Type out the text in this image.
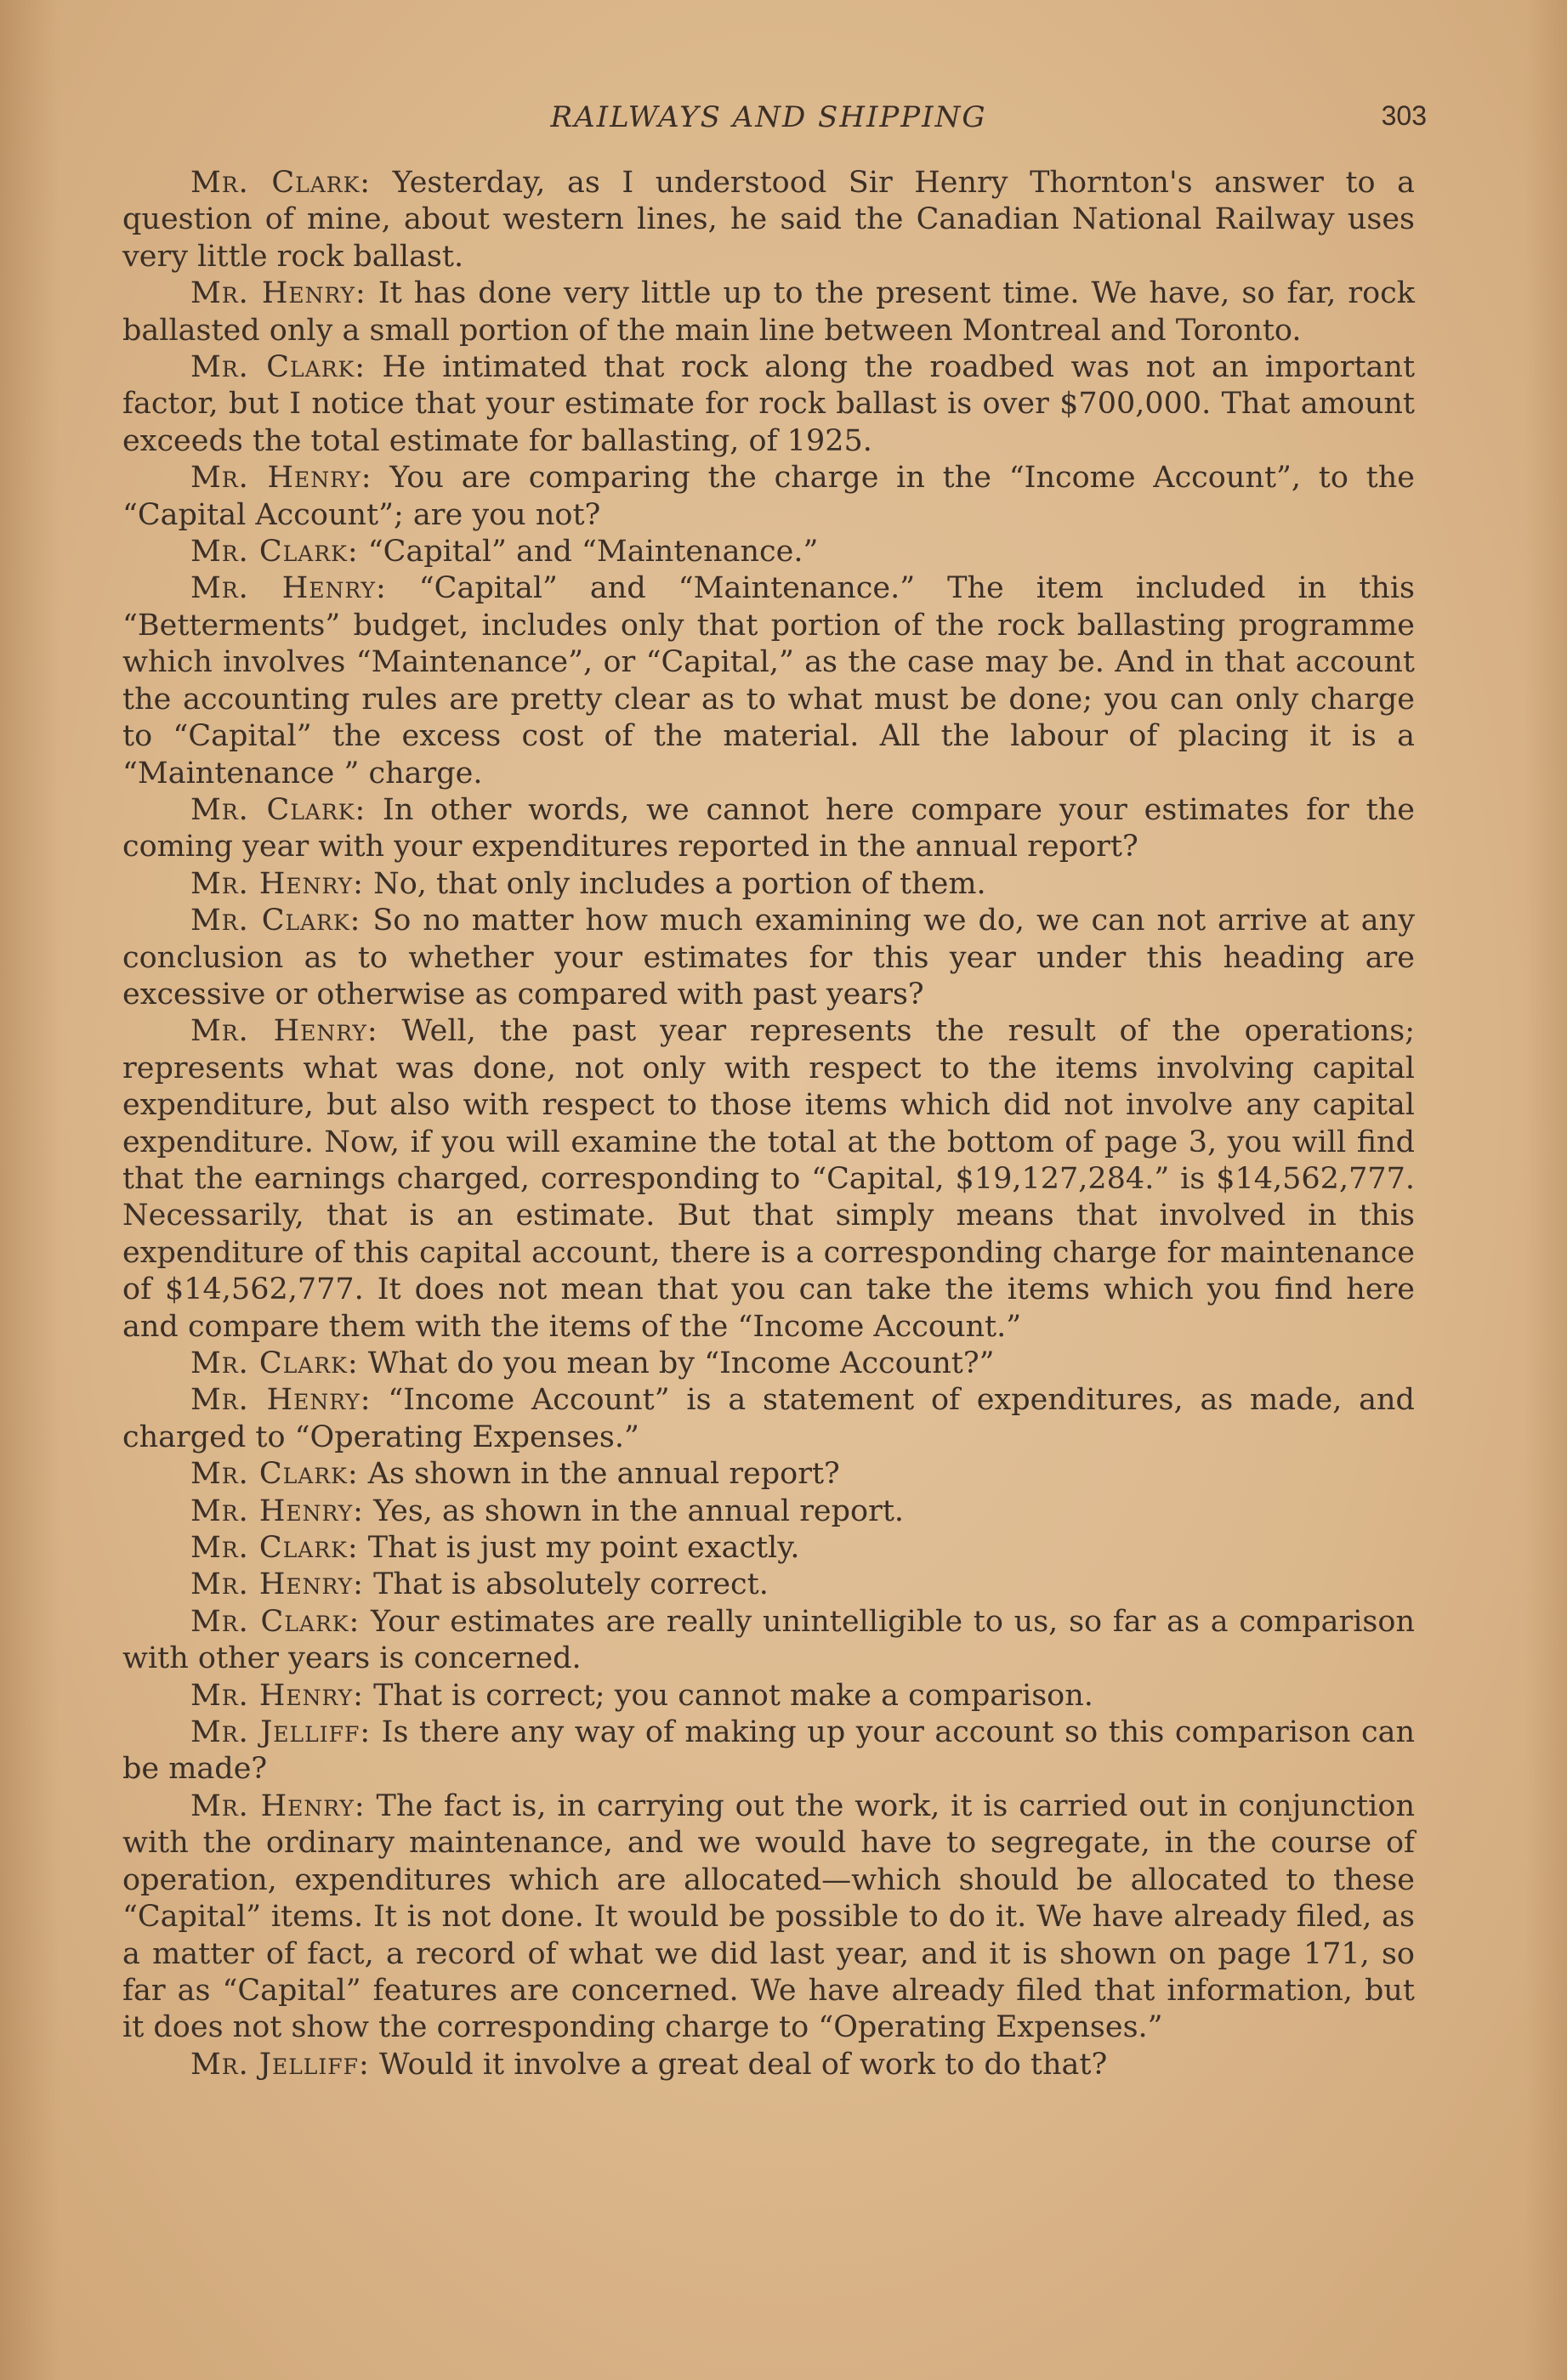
RAILWAYS AND SHIPPING	303

Mr. Clark: Yesterday, as I understood Sir Henry Thornton's answer to a question of mine, about western lines, he said the Canadian National Railway uses very little rock ballast.

Mr. Henry: It has done very little up to the present time. We have, so far, rock ballasted only a small portion of the main line between Montreal and Toronto.

Mr. Clark: He intimated that rock along the roadbed was not an important factor, but I notice that your estimate for rock ballast is over $700,000. That amount exceeds the total estimate for ballasting, of 1925.

Mr. Henry: You are comparing the charge in the “Income Account”, to the “Capital Account”; are you not?

Mr. Clark: “Capital” and “Maintenance.”

Mr. Henry: “Capital” and “Maintenance.” The item included in this “Betterments” budget, includes only that portion of the rock ballasting programme which involves “Maintenance”, or “Capital,” as the case may be. And in that account the accounting rules are pretty clear as to what must be done; you can only charge to “Capital” the excess cost of the material. All the labour of placing it is a “Maintenance ” charge.

Mr. Clark: In other words, we cannot here compare your estimates for the coming year with your expenditures reported in the annual report?

Mr. Henry: No, that only includes a portion of them.

Mr. Clark: So no matter how much examining we do, we can not arrive at any conclusion as to whether your estimates for this year under this heading are excessive or otherwise as compared with past years?

Mr. Henry: Well, the past year represents the result of the operations; represents what was done, not only with respect to the items involving capital expenditure, but also with respect to those items which did not involve any capital expenditure. Now, if you will examine the total at the bottom of page 3, you will find that the earnings charged, corresponding to “Capital, $19,127,284.” is $14,562,777. Necessarily, that is an estimate. But that simply means that involved in this expenditure of this capital account, there is a corresponding charge for maintenance of $14,562,777. It does not mean that you can take the items which you find here and compare them with the items of the “Income Account.”

Mr. Clark: What do you mean by “Income Account?”

Mr. Henry: “Income Account” is a statement of expenditures, as made, and charged to “Operating Expenses.”

Mr. Clark: As shown in the annual report?

Mr. Henry: Yes, as shown in the annual report.

Mr. Clark: That is just my point exactly.

Mr. Henry: That is absolutely correct.

Mr. Clark: Your estimates are really unintelligible to us, so far as a comparison with other years is concerned.

Mr. Henry: That is correct; you cannot make a comparison.

Mr. Jelliff: Is there any way of making up your account so this comparison can be made?

Mr. Henry: The fact is, in carrying out the work, it is carried out in conjunction with the ordinary maintenance, and we would have to segregate, in the course of operation, expenditures which are allocated—which should be allocated to these “Capital” items. It is not done. It would be possible to do it. We have already filed, as a matter of fact, a record of what we did last year, and it is shown on page 171, so far as “Capital” features are concerned. We have already filed that information, but it does not show the corresponding charge to “Operating Expenses.”

Mr. Jelliff: Would it involve a great deal of work to do that?
